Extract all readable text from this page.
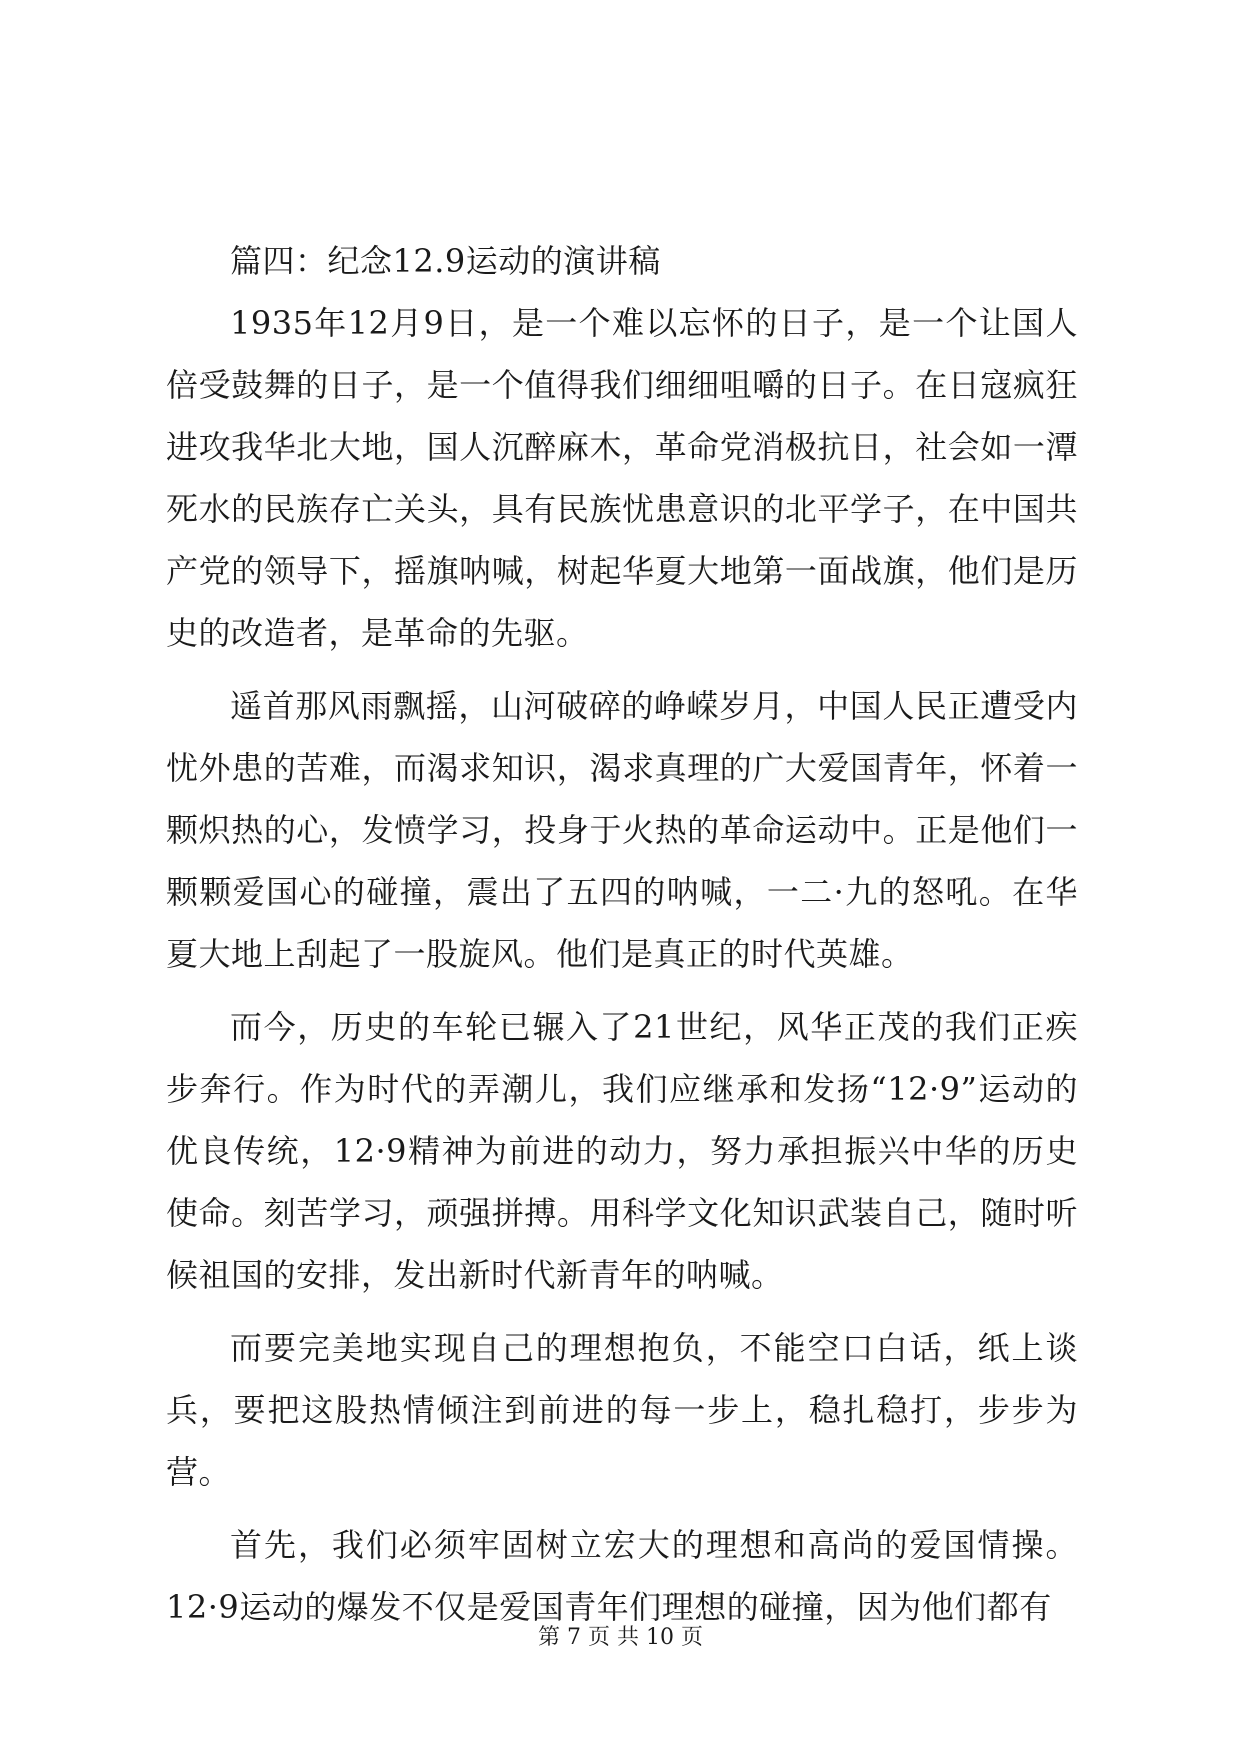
篇四：纪念12.9运动的演讲稿

1935年12月9日，是一个难以忘怀的日子，是一个让国人倍受鼓舞的日子，是一个值得我们细细咀嚼的日子。在日寇疯狂进攻我华北大地，国人沉醉麻木，革命党消极抗日，社会如一潭死水的民族存亡关头，具有民族忧患意识的北平学子，在中国共产党的领导下，摇旗呐喊，树起华夏大地第一面战旗，他们是历史的改造者，是革命的先驱。

遥首那风雨飘摇，山河破碎的峥嵘岁月，中国人民正遭受内忧外患的苦难，而渴求知识，渴求真理的广大爱国青年，怀着一颗炽热的心，发愤学习，投身于火热的革命运动中。正是他们一颗颗爱国心的碰撞，震出了五四的呐喊，一二·九的怒吼。在华夏大地上刮起了一股旋风。他们是真正的时代英雄。

而今，历史的车轮已辗入了21世纪，风华正茂的我们正疾步奔行。作为时代的弄潮儿，我们应继承和发扬“12·9”运动的优良传统，12·9精神为前进的动力，努力承担振兴中华的历史使命。刻苦学习，顽强拼搏。用科学文化知识武装自己，随时听候祖国的安排，发出新时代新青年的呐喊。

而要完美地实现自己的理想抱负，不能空口白话，纸上谈兵，要把这股热情倾注到前进的每一步上，稳扎稳打，步步为营。

首先，我们必须牢固树立宏大的理想和高尚的爱国情操。12·9运动的爆发不仅是爱国青年们理想的碰撞，因为他们都有

第 7 页 共 10 页
